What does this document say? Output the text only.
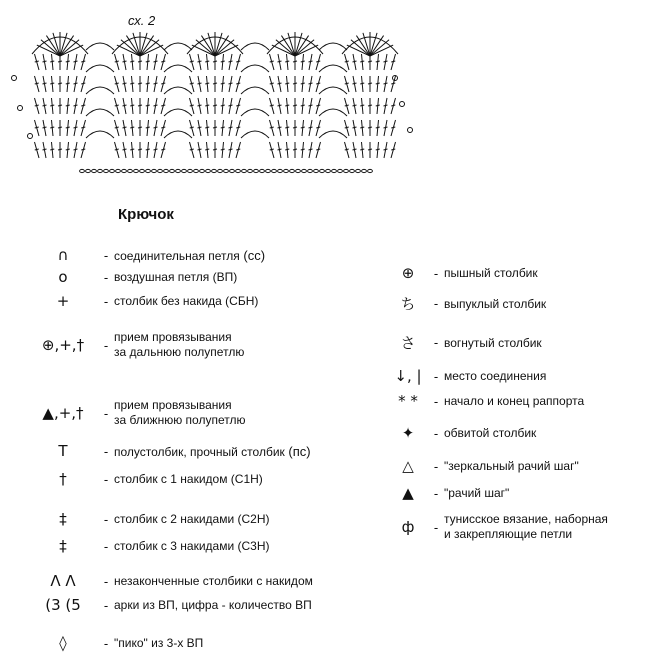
сх. 2
Крючок
∩	- соединительная петля (сс)
o	- воздушная петля (ВП)
+	- столбик без накида (СБН)
⊕,+,†	-
прием провязывания
за дальнюю полупетлю
▲,+,†	-
прием провязывания
за ближнюю полупетлю
T	- полустолбик, прочный столбик (пс)
†	- столбик с 1 накидом (С1Н)
‡	- столбик с 2 накидами (С2Н)
‡	- столбик с 3 накидами (С3Н)
Λ Λ	- незаконченные столбики с накидом
(3 (5	- арки из ВП, цифра - количество ВП
◊	- "пико" из 3-х ВП
⊕	- пышный столбик
ち	- выпуклый столбик
さ	- вогнутый столбик
↓, | - место соединения
* *	- начало и конец раппорта
✦	- обвитой столбик
△	- "зеркальный рачий шаг"
▲	- "рачий шаг"
ф	-
тунисское вязание, наборная
и закрепляющие петли
